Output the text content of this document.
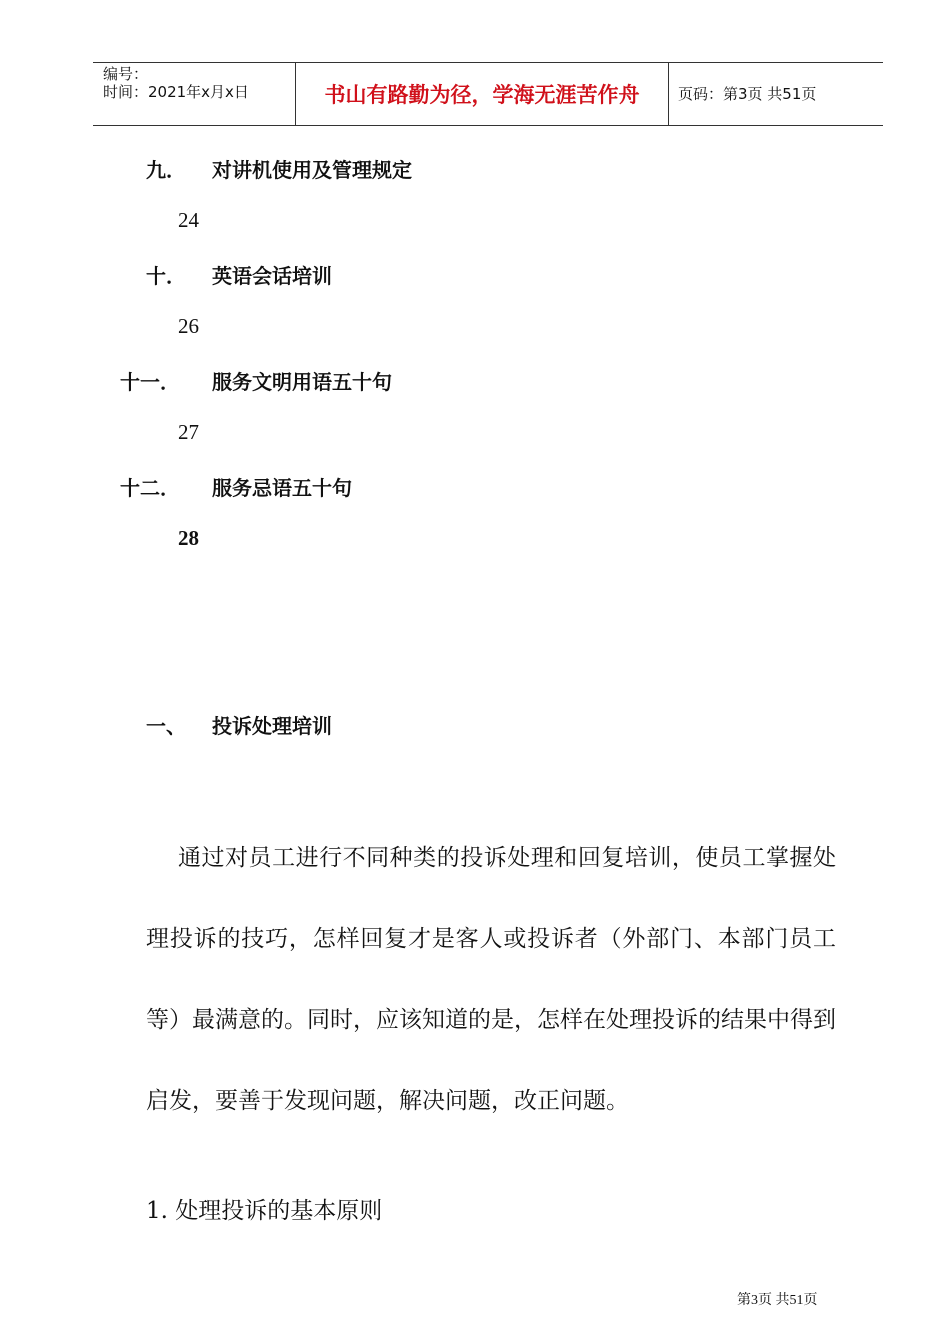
编号：
时间：2021年x月x日	书山有路勤为径，学海无涯苦作舟	页码：第3页 共51页
九．	对讲机使用及管理规定
24
十．	英语会话培训
26
十一．	服务文明用语五十句
27
十二．	服务忌语五十句
28
一、 投诉处理培训
通过对员工进行不同种类的投诉处理和回复培训，使员工掌握处理投诉的技巧，怎样回复才是客人或投诉者（外部门、本部门员工等）最满意的。同时，应该知道的是，怎样在处理投诉的结果中得到启发，要善于发现问题，解决问题，改正问题。
1. 处理投诉的基本原则
第3页 共51页
